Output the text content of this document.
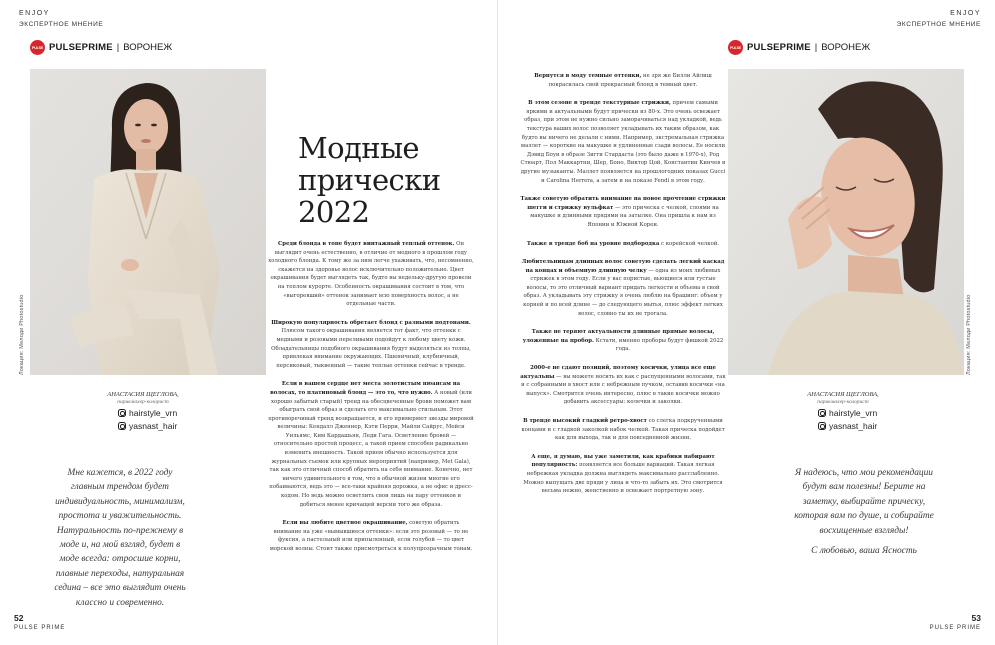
ENJOY
ЭКСПЕРТНОЕ МНЕНИЕ
PULSE PULSEPRIME | ВОРОНЕЖ
Локация: Мелоди Photostudio
АНАСТАСИЯ ЩЕГЛОВА,
парикмахер-колорист
hairstyle_vrn
yasnast_hair
Мне кажется, в 2022 году главным трендом будет индивидуальность, минимализм, простота и уважительность. Натуральность по-прежнему в моде и, на мой взгляд, будет в моде всегда: отросшие корни, плавные переходы, натуральная седина – все это выглядит очень классно и современно.
52
PULSE PRIME
Модные
прически
2022

Среди блонда в топе будет винтажный теплый оттенок. Он выглядит очень естественно, в отличие от модного в прошлом году холодного блонда. К тому же за ним легче ухаживать, что, несомненно, скажется на здоровье волос исключительно положительно. Цвет окрашивания будет выглядеть так, будто вы недельку-другую провели на теплом курорте. Особенность окрашивания состоит в том, что «выгоревший» оттенок занимает всю поверхность волос, а не отдельные части.

Широкую популярность обретает блонд с разными подтонами. Плюсом такого окрашивания является тот факт, что оттенки с медными и розовыми переливами подойдут к любому цвету кожи. Обладательницы подобного окрашивания будут выделяться из толпы, привлекая внимание окружающих. Пшеничный, клубничный, персиковый, тыквенный — такие теплые оттенки сейчас в тренде.

Если в вашем сердце нет места золотистым нюансам на волосах, то платиновый блонд — это то, что нужно. А новый (или хорошо забытый старый) тренд на обесцвеченные брови поможет вам обыграть свой образ и сделать его максимально стильным. Этот противоречивый тренд возвращается, и его примеряют звезды мировой величины: Кендалл Дженнер, Кэти Перри, Майли Сайрус, Мейси Уильямс, Ким Кардашьян, Леди Гага. Осветление бровей — относительно простой процесс, а такой прием способен радикально изменить внешность. Такой прием обычно используется для журнальных съемок или крупных мероприятий (например, Met Gala), так как это отличный способ обратить на себя внимание. Конечно, нет ничего удивительного в том, что в обычной жизни многие его побаиваются, ведь это — все-таки крайняя дорожка, а не офис и дресс-кодом. Но ведь можно осветлить свои лишь на пару оттенков и добиться менее кричащей версии того же образа.

Если вы любите цветное окрашивание, советую обратить внимание на уже «вымывшиеся оттенки»: если это розовый — то не фуксия, а пастельный или припыленный, если голубой — то цвет морской волны. Стоит также присмотреться к полупрозрачным тонам.

ENJOY
ЭКСПЕРТНОЕ МНЕНИЕ
PULSE PULSEPRIME | ВОРОНЕЖ

Вернутся в моду темные оттенки, не зря же Билли Айлиш покрасилась свой прекрасный блонд в темный цвет.

В этом сезоне в тренде текстурные стрижки, причем самыми яркими и актуальными будут прически из 80-х. Это очень освежает образ, при этом не нужно сильно заморачиваться над укладкой, ведь текстура ваших волос позволяет укладывать их таким образом, как будто вы ничего не делали с ними. Например, экстремальная стрижка маллет — короткие на макушке и удлиненные сзади волосы. Ее носили Дэвид Боуи в образе Зигги Стардаста (это было даже в 1970-х), Род Стюарт, Пол Маккартни, Шер, Боно, Виктор Цой, Константин Кинчев и другие музыканты. Маллет появляется на прошлогодних показах Gucci и Carolina Herrera, а затем и на показе Fendi в этом году.

Также советую обратить внимание на новое прочтение стрижки шегги и стрижку вульфкат — это прическа с челкой, слоями на макушке и длинными прядями на затылке. Она пришла к нам из Японии и Южной Кореи.

Также в тренде боб на уровне подбородка с корейской челкой.

Любительницам длинных волос советую сделать легкий каскад на концах и объемную длинную челку — одна из моих любимых стрижек в этом году. Если у вас пористые, вьющиеся или густые волосы, то это отличный вариант придать легкости и объема в свой образ. А укладывать эту стрижку я очень люблю на брашинг: объем у корней и по всей длине — до следующего мытья, плюс эффект легких волос, словно ты их не трогала.

Также не теряют актуальности длинные прямые волосы, уложенные на пробор. Кстати, именно проборы будут фишкой 2022 года.

2000-е не сдают позиций, поэтому косички, улица все еще актуальны — вы можете носить их как с распущенными волосами, так и с собранными в хвост или с небрежным пучком, оставив косички «на выпуск». Смотрится очень интересно, плюс в такие косички можно добавить аксессуары: колечки и заколки.

В тренде высокий гладкий ретро-хвост со слегка подкрученными концами и с гладкой заколкой набок челкой. Такая прическа подойдет как для выхода, так и для повседневной жизни.

А еще, я думаю, вы уже заметили, как крабики набирают популярность: появляется все больше вариаций. Такая легкая небрежная укладка должна выглядеть максимально расслабленно. Можно выпущать две пряди у лица и что-то забыть их. Это смотрится весьма нежно, женственно и освежает портретную зону.

Локация: Мелоди Photostudio
АНАСТАСИЯ ЩЕГЛОВА,
парикмахер-колорист
hairstyle_vrn
yasnast_hair
Я надеюсь, что мои рекомендации будут вам полезны! Берите на заметку, выбирайте прическу, которая вам по душе, и собирайте восхищенные взгляды!
С любовью, ваша Ясность
53
PULSE PRIME
